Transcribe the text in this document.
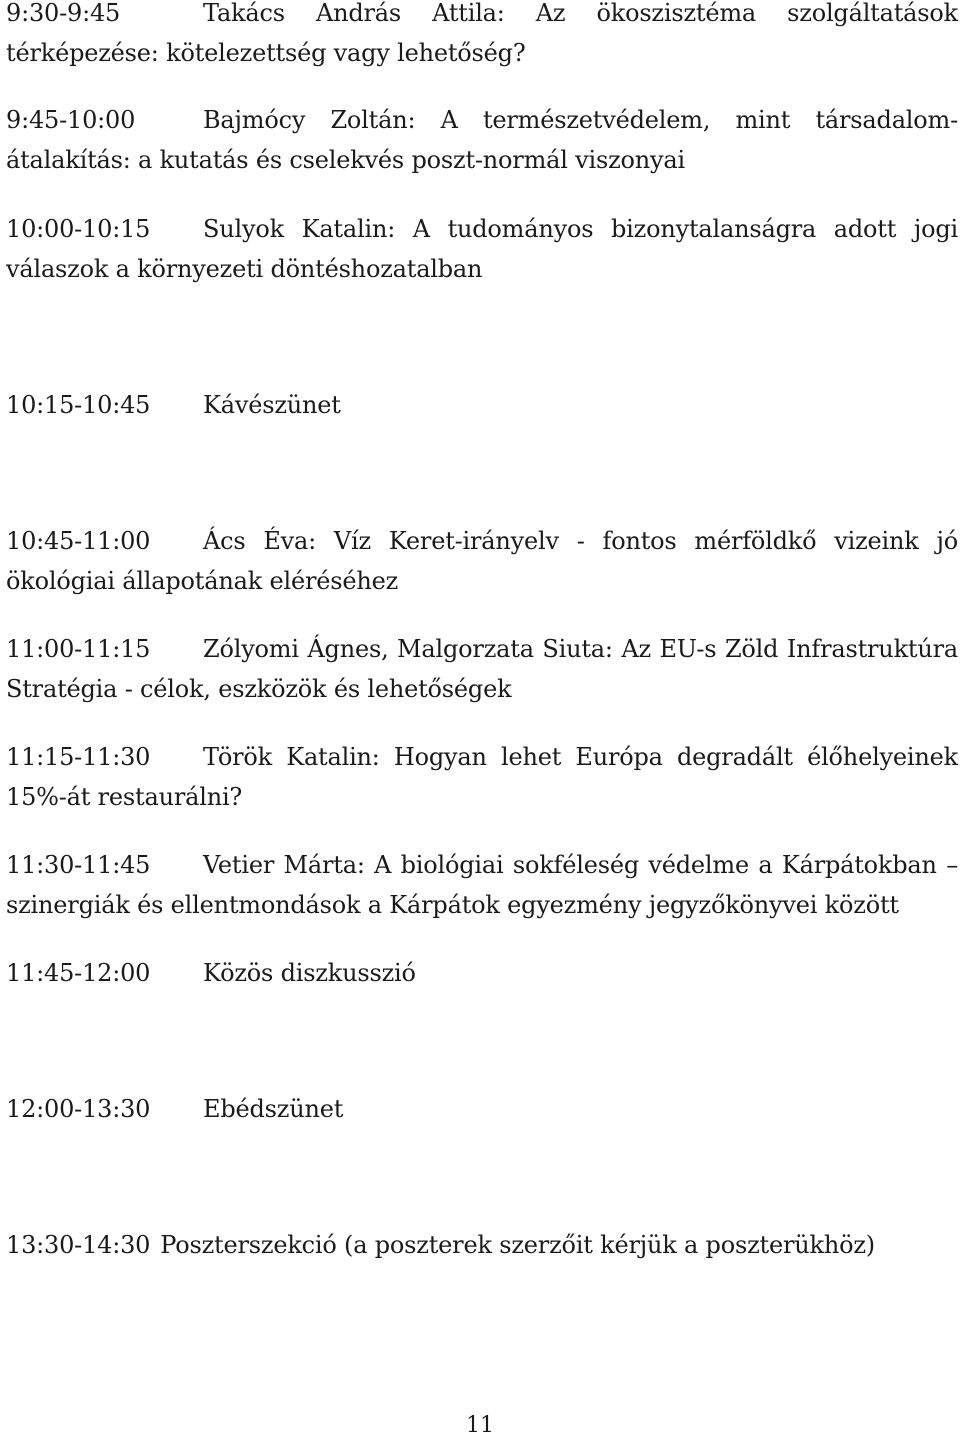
9:30-9:45	Takács András Attila: Az ökoszisztéma szolgáltatások térképezése: kötelezettség vagy lehetőség?
9:45-10:00	Bajmócy Zoltán: A természetvédelem, mint társadalom-átalakítás: a kutatás és cselekvés poszt-normál viszonyai
10:00-10:15 Sulyok Katalin: A tudományos bizonytalanságra adott jogi válaszok a környezeti döntéshozatalban
10:15-10:45 Kávészünet
10:45-11:00 Ács Éva: Víz Keret-irányelv - fontos mérföldkő vizeink jó ökológiai állapotának eléréséhez
11:00-11:15 Zólyomi Ágnes, Malgorzata Siuta: Az EU-s Zöld Infrastruktúra Stratégia - célok, eszközök és lehetőségek
11:15-11:30 Török Katalin: Hogyan lehet Európa degradált élőhelyeinek 15%-át restaurálni?
11:30-11:45 Vetier Márta: A biológiai sokféleség védelme a Kárpátokban – szinergiák és ellentmondások a Kárpátok egyezmény jegyzőkönyvei között
11:45-12:00 Közös diszkusszió
12:00-13:30 Ebédszünet
13:30-14:30 Poszterszekció (a poszterek szerzőit kérjük a poszterükhöz)
11
